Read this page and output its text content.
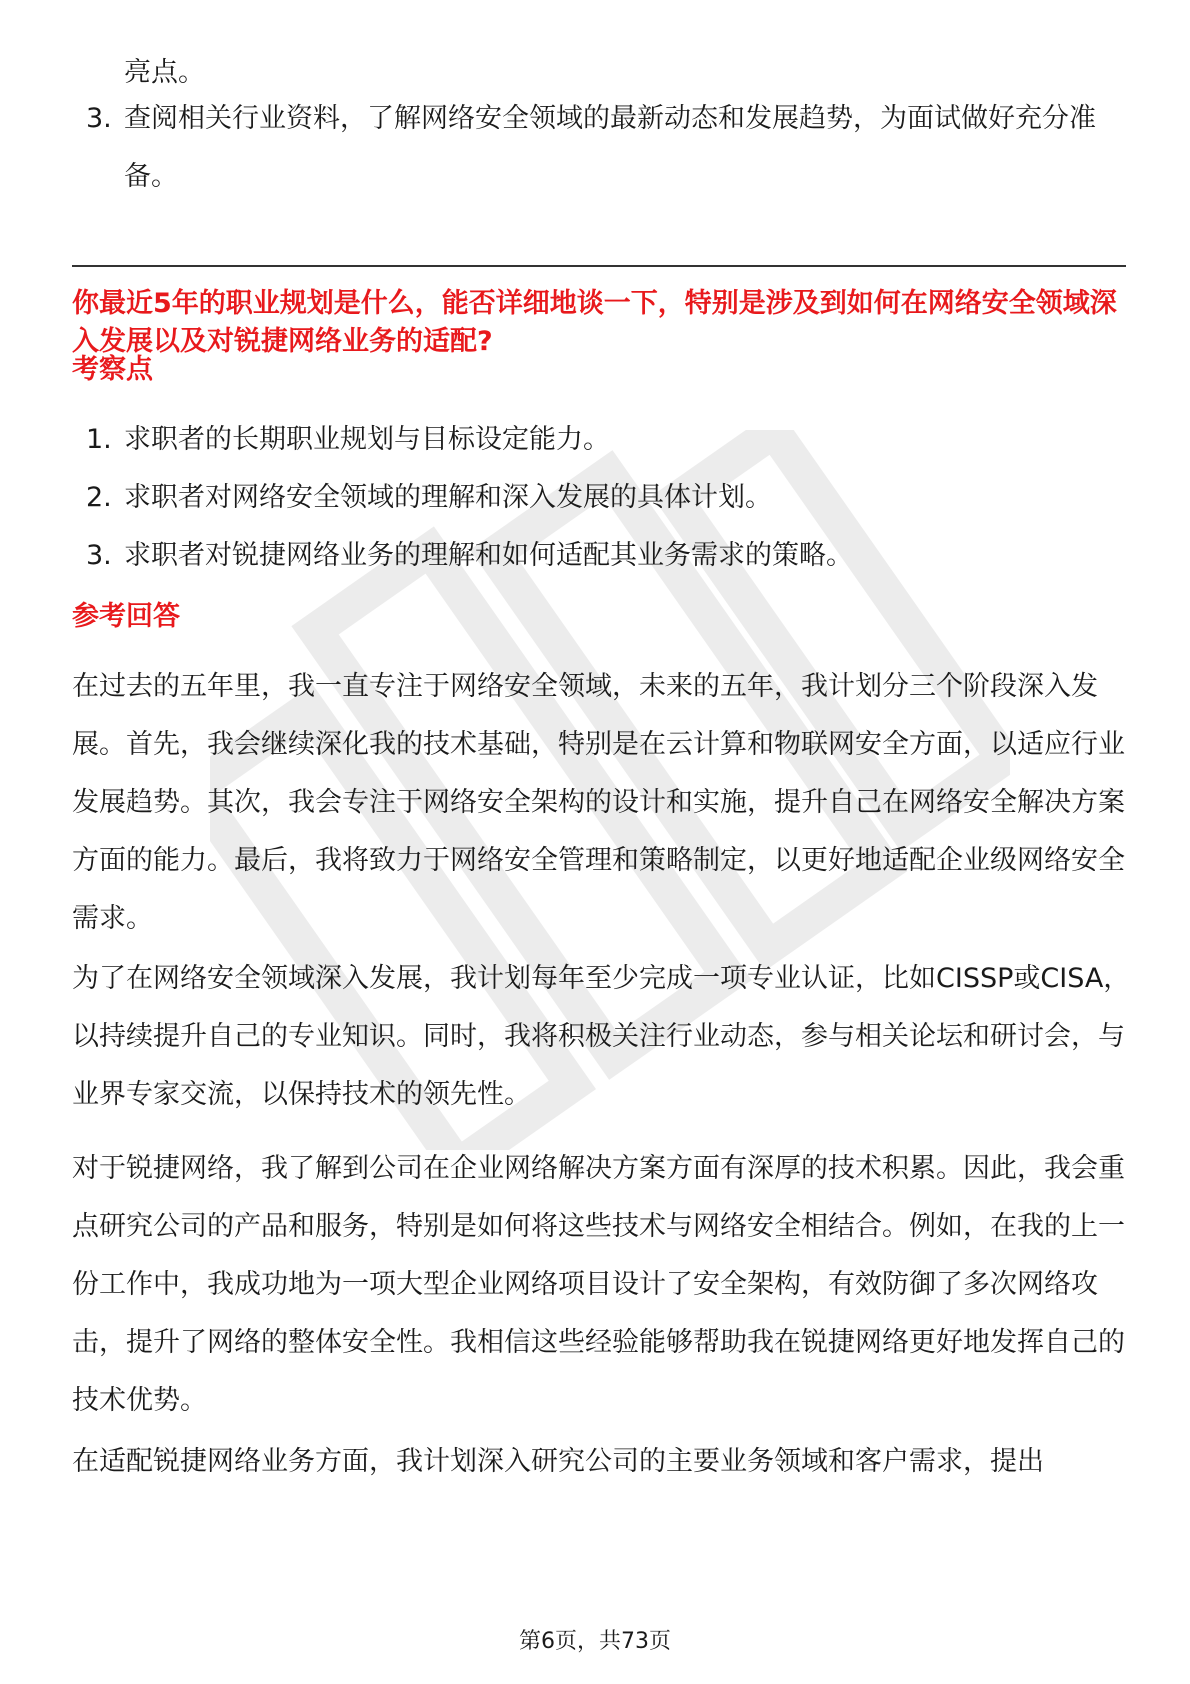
亮点。
3. 查阅相关行业资料，了解网络安全领域的最新动态和发展趋势，为面试做好充分准备。

你最近5年的职业规划是什么，能否详细地谈一下，特别是涉及到如何在网络安全领域深入发展以及对锐捷网络业务的适配?

考察点

1. 求职者的长期职业规划与目标设定能力。
2. 求职者对网络安全领域的理解和深入发展的具体计划。
3. 求职者对锐捷网络业务的理解和如何适配其业务需求的策略。

参考回答

在过去的五年里，我一直专注于网络安全领域，未来的五年，我计划分三个阶段深入发展。首先，我会继续深化我的技术基础，特别是在云计算和物联网安全方面，以适应行业发展趋势。其次，我会专注于网络安全架构的设计和实施，提升自己在网络安全解决方案方面的能力。最后，我将致力于网络安全管理和策略制定，以更好地适配企业级网络安全需求。

为了在网络安全领域深入发展，我计划每年至少完成一项专业认证，比如CISSP或CISA，以持续提升自己的专业知识。同时，我将积极关注行业动态，参与相关论坛和研讨会，与业界专家交流，以保持技术的领先性。

对于锐捷网络，我了解到公司在企业网络解决方案方面有深厚的技术积累。因此，我会重点研究公司的产品和服务，特别是如何将这些技术与网络安全相结合。例如，在我的上一份工作中，我成功地为一项大型企业网络项目设计了安全架构，有效防御了多次网络攻击，提升了网络的整体安全性。我相信这些经验能够帮助我在锐捷网络更好地发挥自己的技术优势。

在适配锐捷网络业务方面，我计划深入研究公司的主要业务领域和客户需求，提出

第6页，共73页
